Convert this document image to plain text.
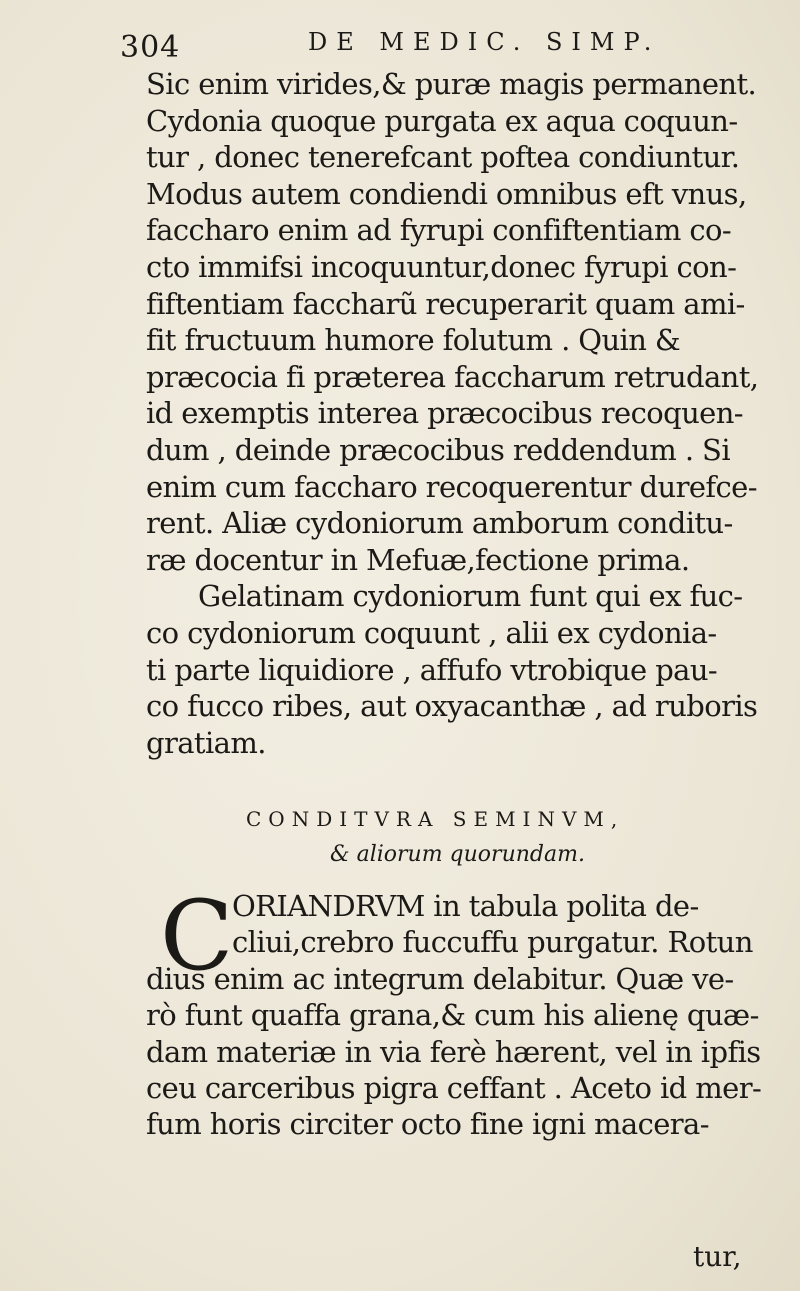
304	DE MEDIC. SIMP.
Sic enim virides,& puræ magis permanent.
Cydonia quoque purgata ex aqua coquun-
tur , donec tenerefcant poftea condiuntur.
Modus autem condiendi omnibus eft vnus,
faccharo enim ad fyrupi confiftentiam co-
cto immifsi incoquuntur,donec fyrupi con-
fiftentiam faccharũ recuperarit quam ami-
fit fructuum humore folutum . Quin &
præcocia fi præterea faccharum retrudant,
id exemptis interea præcocibus recoquen-
dum , deinde præcocibus reddendum . Si
enim cum faccharo recoquerentur durefce-
rent. Aliæ cydoniorum amborum conditu-
ræ docentur in Mefuæ,fectione prima.
Gelatinam cydoniorum funt qui ex fuc-
co cydoniorum coquunt , alii ex cydonia-
ti parte liquidiore , affufo vtrobique pau-
co fucco ribes, aut oxyacanthæ , ad ruboris
gratiam.
CONDITVRA SEMINVM,
& aliorum quorundam.
C
ORIANDRVM in tabula polita de-
cliui,crebro fuccuffu purgatur. Rotun
dius enim ac integrum delabitur. Quæ ve-
rò funt quaffa grana,& cum his alienę quæ-
dam materiæ in via ferè hærent, vel in ipfis
ceu carceribus pigra ceffant . Aceto id mer-
fum horis circiter octo fine igni macera-
tur,
